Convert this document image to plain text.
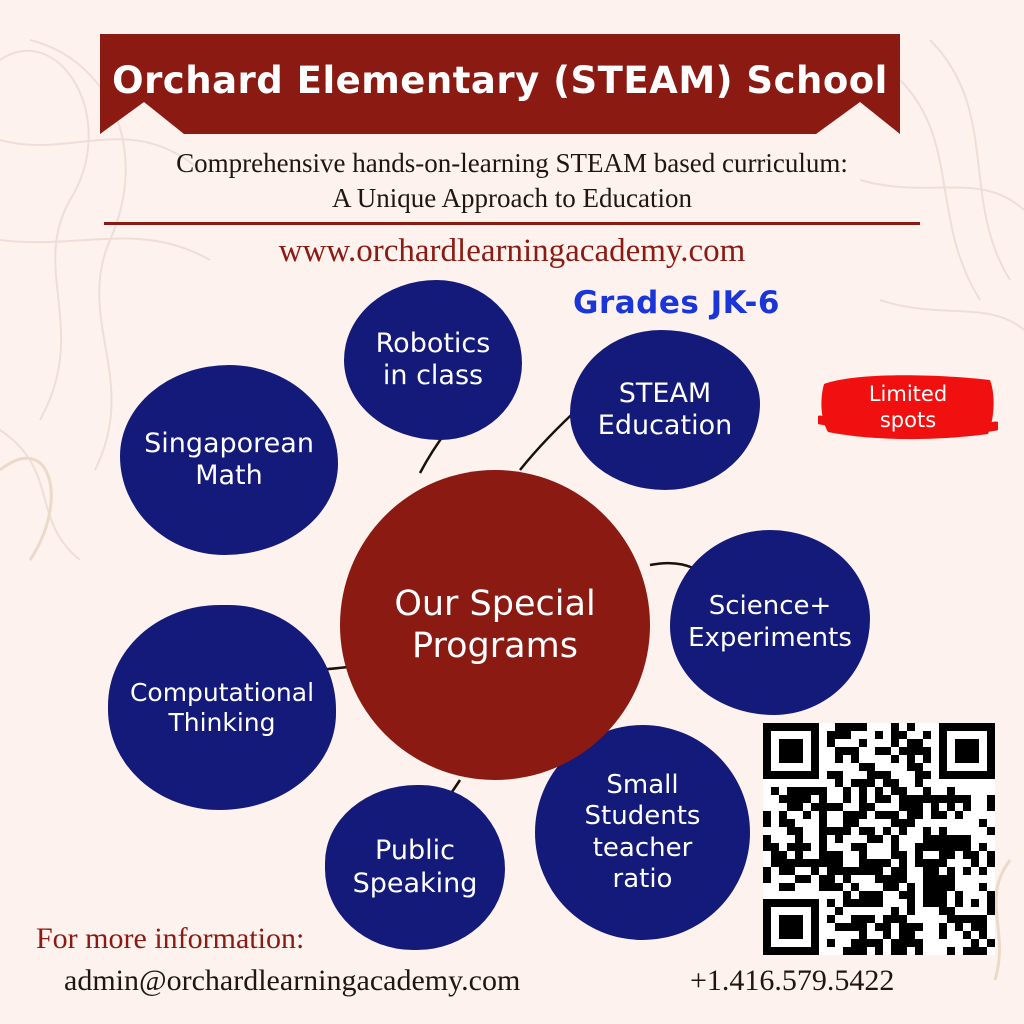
Orchard Elementary (STEAM) School
Comprehensive hands-on-learning STEAM based curriculum:
A Unique Approach to Education
www.orchardlearningacademy.com
Grades JK-6
Limited
spots
Singaporean
Math
Robotics
in class
STEAM
Education
Science+
Experiments
Computational
Thinking
Small
Students
teacher
ratio
Public
Speaking
Our Special
Programs
For more information:
admin@orchardlearningacademy.com	+1.416.579.5422
